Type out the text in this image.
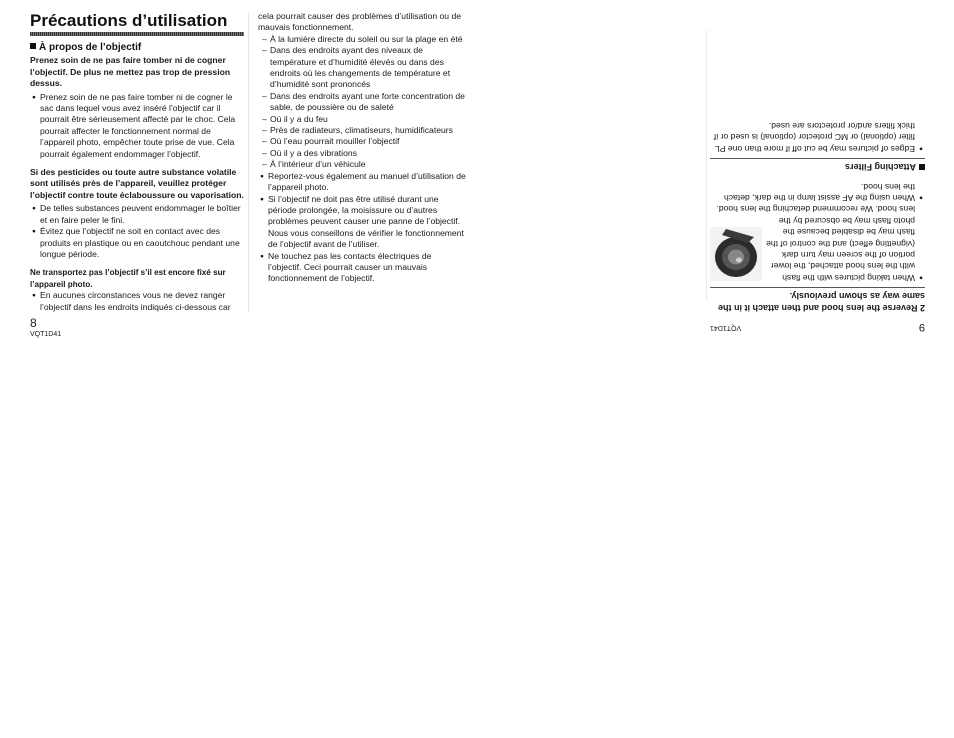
Précautions d’utilisation
À propos de l’objectif

Prenez soin de ne pas faire tomber ni de cogner l’objectif. De plus ne mettez pas trop de pression dessus.

● Prenez soin de ne pas faire tomber ni de cogner le sac dans lequel vous avez inséré l’objectif car il pourrait être sérieusement affecté par le choc. Cela pourrait affecter le fonctionnement normal de l’appareil photo, empêcher toute prise de vue. Cela pourrait également endommager l’objectif.

Si des pesticides ou toute autre substance volatile sont utilisés près de l’appareil, veuillez protéger l’objectif contre toute éclaboussure ou vaporisation.

● De telles substances peuvent endommager le boîtier et en faire peler le fini.

● Évitez que l’objectif ne soit en contact avec des produits en plastique ou en caoutchouc pendant une longue période.

Ne transportez pas l’objectif s’il est encore fixé sur l’appareil photo.

● En aucunes circonstances vous ne devez ranger l’objectif dans les endroits indiqués ci-dessous car

8
VQT1D41

cela pourrait causer des problèmes d’utilisation ou de mauvais fonctionnement.

– À la lumière directe du soleil ou sur la plage en été

– Dans des endroits ayant des niveaux de température et d’humidité élevés ou dans des endroits où les changements de température et d’humidité sont prononcés

– Dans des endroits ayant une forte concentration de sable, de poussière ou de saleté

– Où il y a du feu

– Près de radiateurs, climatiseurs, humidificateurs

– Où l’eau pourrait mouiller l’objectif

– Où il y a des vibrations

– À l’intérieur d’un véhicule

● Reportez-vous également au manuel d’utilisation de l’appareil photo.

● Si l’objectif ne doit pas être utilisé durant une période prolongée, la moisissure ou d’autres problèmes peuvent causer une panne de l’objectif. Nous vous conseillons de vérifier le fonctionnement de l’objectif avant de l’utiliser.

● Ne touchez pas les contacts électriques de l’objectif. Ceci pourrait causer un mauvais fonctionnement de l’objectif.

9
VQT1D41

2 Reverse the lens hood and then attach it in the same way as shown previously.

● When taking pictures with the flash with the lens hood attached, the lower portion of the screen may turn dark (vignetting effect) and the control of the flash may be disabled because the photo flash may be obscured by the lens hood. We recommend detaching the lens hood.

● When using the AF assist lamp in the dark, detach the lens hood.

Attaching Filters

● Edges of pictures may be cut off if more than one PL filter (optional) or MC protector (optional) is used or if thick filters and/or protectors are used.
